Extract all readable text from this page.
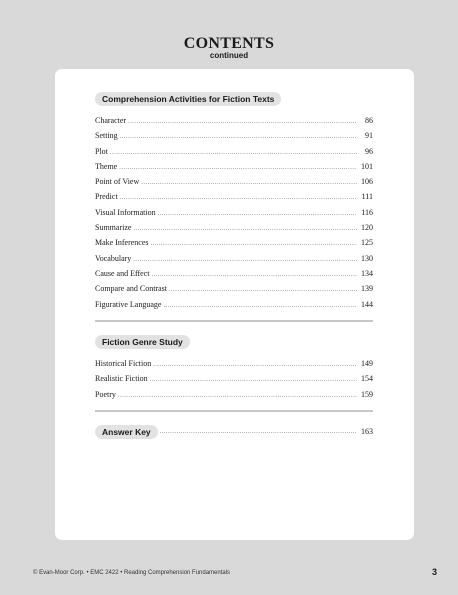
CONTENTS
continued
Comprehension Activities for Fiction Texts
Character .....	86
Setting .....	91
Plot .....	96
Theme .....	101
Point of View .....	106
Predict .....	111
Visual Information .....	116
Summarize .....	120
Make Inferences .....	125
Vocabulary .....	130
Cause and Effect .....	134
Compare and Contrast .....	139
Figurative Language .....	144
Fiction Genre Study
Historical Fiction .....	149
Realistic Fiction .....	154
Poetry .....	159
Answer Key .....	163
© Evan-Moor Corp. • EMC 2422 • Reading Comprehension Fundamentals	3
